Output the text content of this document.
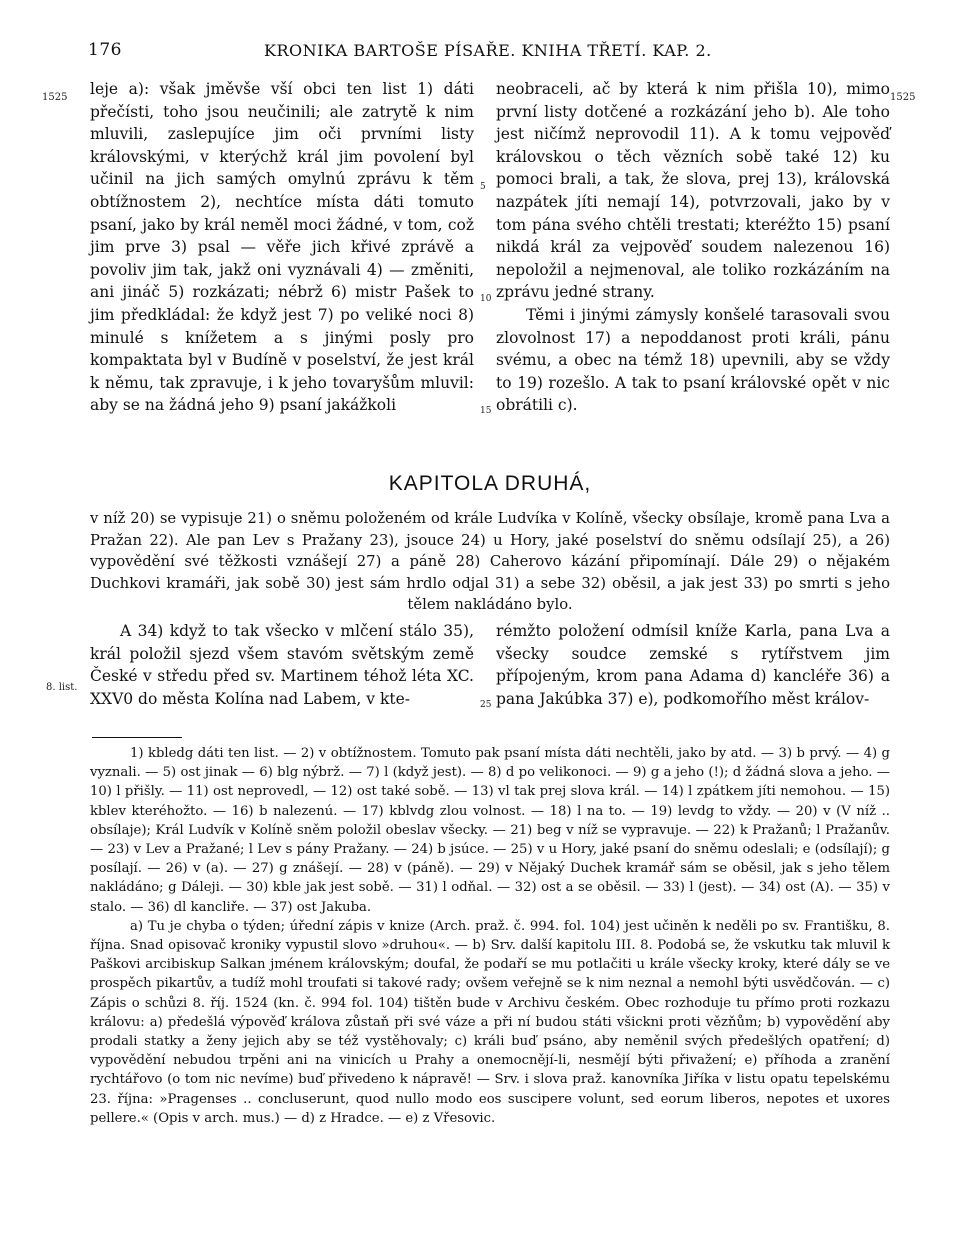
176	KRONIKA BARTOŠE PÍSAŘE. KNIHA TŘETÍ. KAP. 2.
1525	1525
8. list.
5
10
15
25

leje a): však jměvše vší obci ten list 1) dáti přečísti, toho jsou neučinili; ale zatrytě k nim mluvili, zaslepujíce jim oči prvními listy královskými, v kterýchž král jim povolení byl učinil na jich samých omylnú zprávu k těm obtížnostem 2), nechtíce místa dáti tomuto psaní, jako by král neměl moci žádné, v tom, což jim prve 3) psal — věře jich křivé zprávě a povoliv jim tak, jakž oni vyznávali 4) — změniti, ani jináč 5) rozkázati; nébrž 6) mistr Pašek to jim předkládal: že když jest 7) po veliké noci 8) minulé s knížetem a s jinými posly pro kompaktata byl v Budíně v poselství, že jest král k němu, tak zpravuje, i k jeho tovaryšům mluvil: aby se na žádná jeho 9) psaní jakážkoli

neobraceli, ač by která k nim přišla 10), mimo první listy dotčené a rozkázání jeho b). Ale toho jest ničímž neprovodil 11). A k tomu vejpověď královskou o těch vězních sobě také 12) ku pomoci brali, a tak, že slova, prej 13), královská nazpátek jíti nemají 14), potvrzovali, jako by v tom pána svého chtěli trestati; kteréžto 15) psaní nikdá král za vejpověď soudem nalezenou 16) nepoložil a nejmenoval, ale toliko rozkázáním na zprávu jedné strany.

Těmi i jinými zámysly konšelé tarasovali svou zlovolnost 17) a nepoddanost proti králi, pánu svému, a obec na témž 18) upevnili, aby se vždy to 19) rozešlo. A tak to psaní královské opět v nic obrátili c).

KAPITOLA DRUHÁ,
v níž 20) se vypisuje 21) o sněmu položeném od krále Ludvíka v Kolíně, všecky obsílaje, kromě pana Lva a Pražan 22). Ale pan Lev s Pražany 23), jsouce 24) u Hory, jaké poselství do sněmu odsílají 25), a 26) vypovědění své těžkosti vznášejí 27) a páně 28) Caherovo kázání připomínají. Dále 29) o nějakém Duchkovi kramáři, jak sobě 30) jest sám hrdlo odjal 31) a sebe 32) oběsil, a jak jest 33) po smrti s jeho tělem nakládáno bylo.

A 34) když to tak všecko v mlčení stálo 35), král položil sjezd všem stavóm světským země České v středu před sv. Martinem téhož léta XC. XXV0 do města Kolína nad Labem, v kte-

rémžto položení odmísil kníže Karla, pana Lva a všecky soudce zemské s rytířstvem jim přípojeným, krom pana Adama d) kancléře 36) a pana Jakúbka 37) e), podkomořího měst králov-

1) kbledg dáti ten list. — 2) v obtížnostem. Tomuto pak psaní místa dáti nechtěli, jako by atd. — 3) b prvý. — 4) g vyznali. — 5) ost jinak — 6) blg nýbrž. — 7) l (když jest). — 8) d po velikonoci. — 9) g a jeho (!); d žádná slova a jeho. — 10) l přišly. — 11) ost neprovedl, — 12) ost také sobě. — 13) vl tak prej slova král. — 14) l zpátkem jíti nemohou. — 15) kblev kteréhožto. — 16) b nalezenú. — 17) kblvdg zlou volnost. — 18) l na to. — 19) levdg to vždy. — 20) v (V níž .. obsílaje); Král Ludvík v Kolíně sněm položil obeslav všecky. — 21) beg v níž se vypravuje. — 22) k Pražanů; l Pražanův. — 23) v Lev a Pražané; l Lev s pány Pražany. — 24) b jsúce. — 25) v u Hory, jaké psaní do sněmu odeslali; e (odsílají); g posílají. — 26) v (a). — 27) g znášejí. — 28) v (páně). — 29) v Nějaký Duchek kramář sám se oběsil, jak s jeho tělem nakládáno; g Dáleji. — 30) kble jak jest sobě. — 31) l odňal. — 32) ost a se oběsil. — 33) l (jest). — 34) ost (A). — 35) v stalo. — 36) dl kancliře. — 37) ost Jakuba.

a) Tu je chyba o týden; úřední zápis v knize (Arch. praž. č. 994. fol. 104) jest učiněn k neděli po sv. Františku, 8. října. Snad opisovač kroniky vypustil slovo »druhou«. — b) Srv. další kapitolu III. 8. Podobá se, že vskutku tak mluvil k Paškovi arcibiskup Salkan jménem královským; doufal, že podaří se mu potlačiti u krále všecky kroky, které dály se ve prospěch pikartův, a tudíž mohl troufati si takové rady; ovšem veřejně se k nim neznal a nemohl býti usvědčován. — c) Zápis o schůzi 8. říj. 1524 (kn. č. 994 fol. 104) tištěn bude v Archivu českém. Obec rozhoduje tu přímo proti rozkazu královu: a) předešlá výpověď králova zůstaň při své váze a při ní budou státi všickni proti vězňům; b) vypovědění aby prodali statky a ženy jejich aby se též vystěhovaly; c) králi buď psáno, aby neměnil svých předešlých opatření; d) vypovědění nebudou trpěni ani na vinicích u Prahy a onemocnějí-li, nesmějí býti přivažení; e) příhoda a zranění rychtářovo (o tom nic nevíme) buď přivedeno k nápravě! — Srv. i slova praž. kanovníka Jiříka v listu opatu tepelskému 23. října: »Pragenses .. concluserunt, quod nullo modo eos suscipere volunt, sed eorum liberos, nepotes et uxores pellere.« (Opis v arch. mus.) — d) z Hradce. — e) z Vřesovic.
